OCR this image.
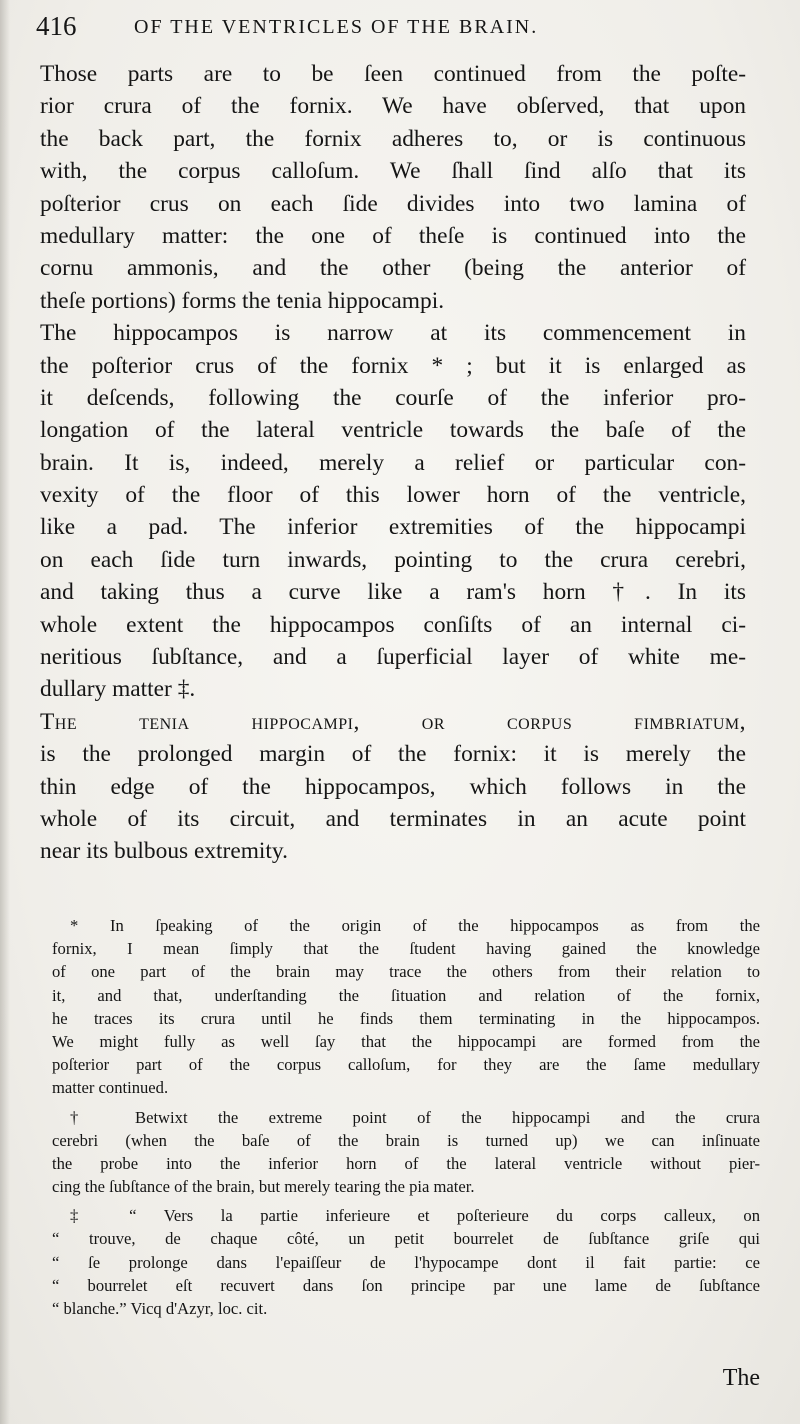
416	OF THE VENTRICLES OF THE BRAIN.
Those parts are to be ſeen continued from the poſte-
rior crura of the fornix. We have obſerved, that upon
the back part, the fornix adheres to, or is continuous
with, the corpus calloſum. We ſhall ſind alſo that its
poſterior crus on each ſide divides into two lamina of
medullary matter: the one of theſe is continued into the
cornu ammonis, and the other (being the anterior of
theſe portions) forms the tenia hippocampi.
The hippocampos is narrow at its commencement in
the poſterior crus of the fornix * ; but it is enlarged as
it deſcends, following the courſe of the inferior pro-
longation of the lateral ventricle towards the baſe of the
brain. It is, indeed, merely a relief or particular con-
vexity of the floor of this lower horn of the ventricle,
like a pad. The inferior extremities of the hippocampi
on each ſide turn inwards, pointing to the crura cerebri,
and taking thus a curve like a ram's horn †. In its
whole extent the hippocampos conſiſts of an internal ci-
neritious ſubſtance, and a ſuperficial layer of white me-
dullary matter ‡.
The tenia hippocampi, or corpus fimbriatum,
is the prolonged margin of the fornix: it is merely the
thin edge of the hippocampos, which follows in the
whole of its circuit, and terminates in an acute point
near its bulbous extremity.
* In ſpeaking of the origin of the hippocampos as from the
fornix, I mean ſimply that the ſtudent having gained the knowledge
of one part of the brain may trace the others from their relation to
it, and that, underſtanding the ſituation and relation of the fornix,
he traces its crura until he finds them terminating in the hippocampos.
We might fully as well ſay that the hippocampi are formed from the
poſterior part of the corpus calloſum, for they are the ſame medullary
matter continued.
† Betwixt the extreme point of the hippocampi and the crura
cerebri (when the baſe of the brain is turned up) we can inſinuate
the probe into the inferior horn of the lateral ventricle without pier-
cing the ſubſtance of the brain, but merely tearing the pia mater.
‡ “ Vers la partie inferieure et poſterieure du corps calleux, on
“ trouve, de chaque côté, un petit bourrelet de ſubſtance griſe qui
“ ſe prolonge dans l'epaiſſeur de l'hypocampe dont il fait partie: ce
“ bourrelet eſt recuvert dans ſon principe par une lame de ſubſtance
“ blanche.” Vicq d'Azyr, loc. cit.
The
